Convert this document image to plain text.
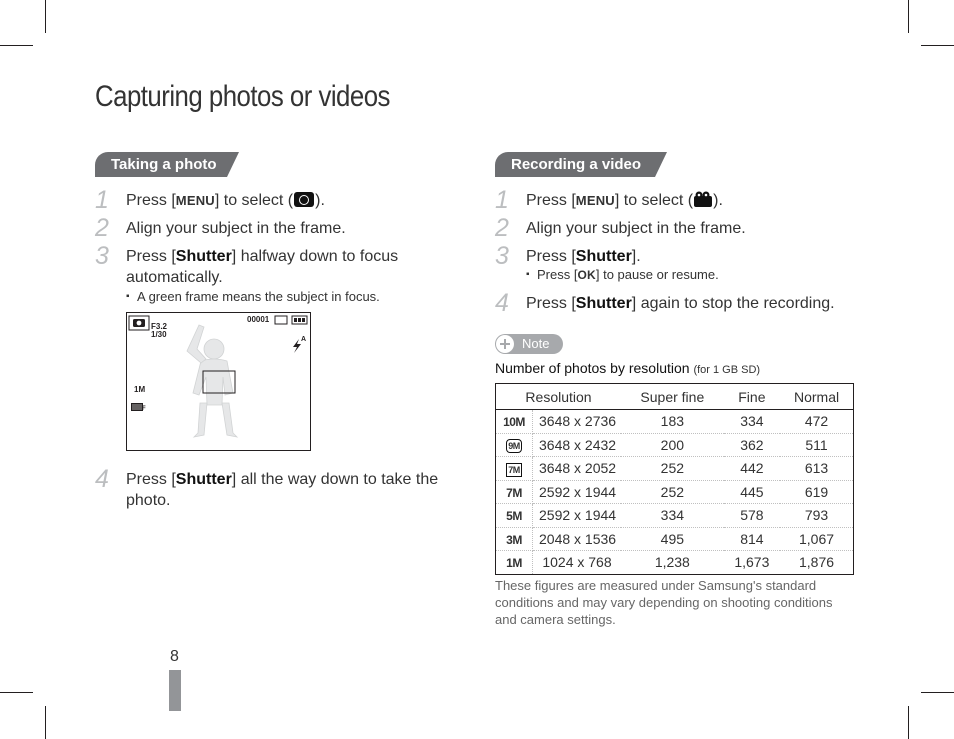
Capturing photos or videos
Taking a photo
1 Press [MENU] to select ( ).
2 Align your subject in the frame.
3 Press [Shutter] halfway down to focus
automatically.
▪ A green frame means the subject in focus.
F3.2
1/30
00001
A
1M
F
4 Press [Shutter] all the way down to take the
photo.
Recording a video
1 Press [MENU] to select ( ).
2 Align your subject in the frame.
3 Press [Shutter].
▪ Press [OK] to pause or resume.
4 Press [Shutter] again to stop the recording.
Note
Number of photos by resolution (for 1 GB SD)
Resolution		Super fine	Fine	Normal
10M	3648 x 2736	183	334	472
9M	3648 x 2432	200	362	511
7M	3648 x 2052	252	442	613
7M	2592 x 1944	252	445	619
5M	2592 x 1944	334	578	793
3M	2048 x 1536	495	814	1,067
1M	1024 x 768	1,238	1,673	1,876
These figures are measured under Samsung's standard conditions and may vary depending on shooting conditions and camera settings.
8
